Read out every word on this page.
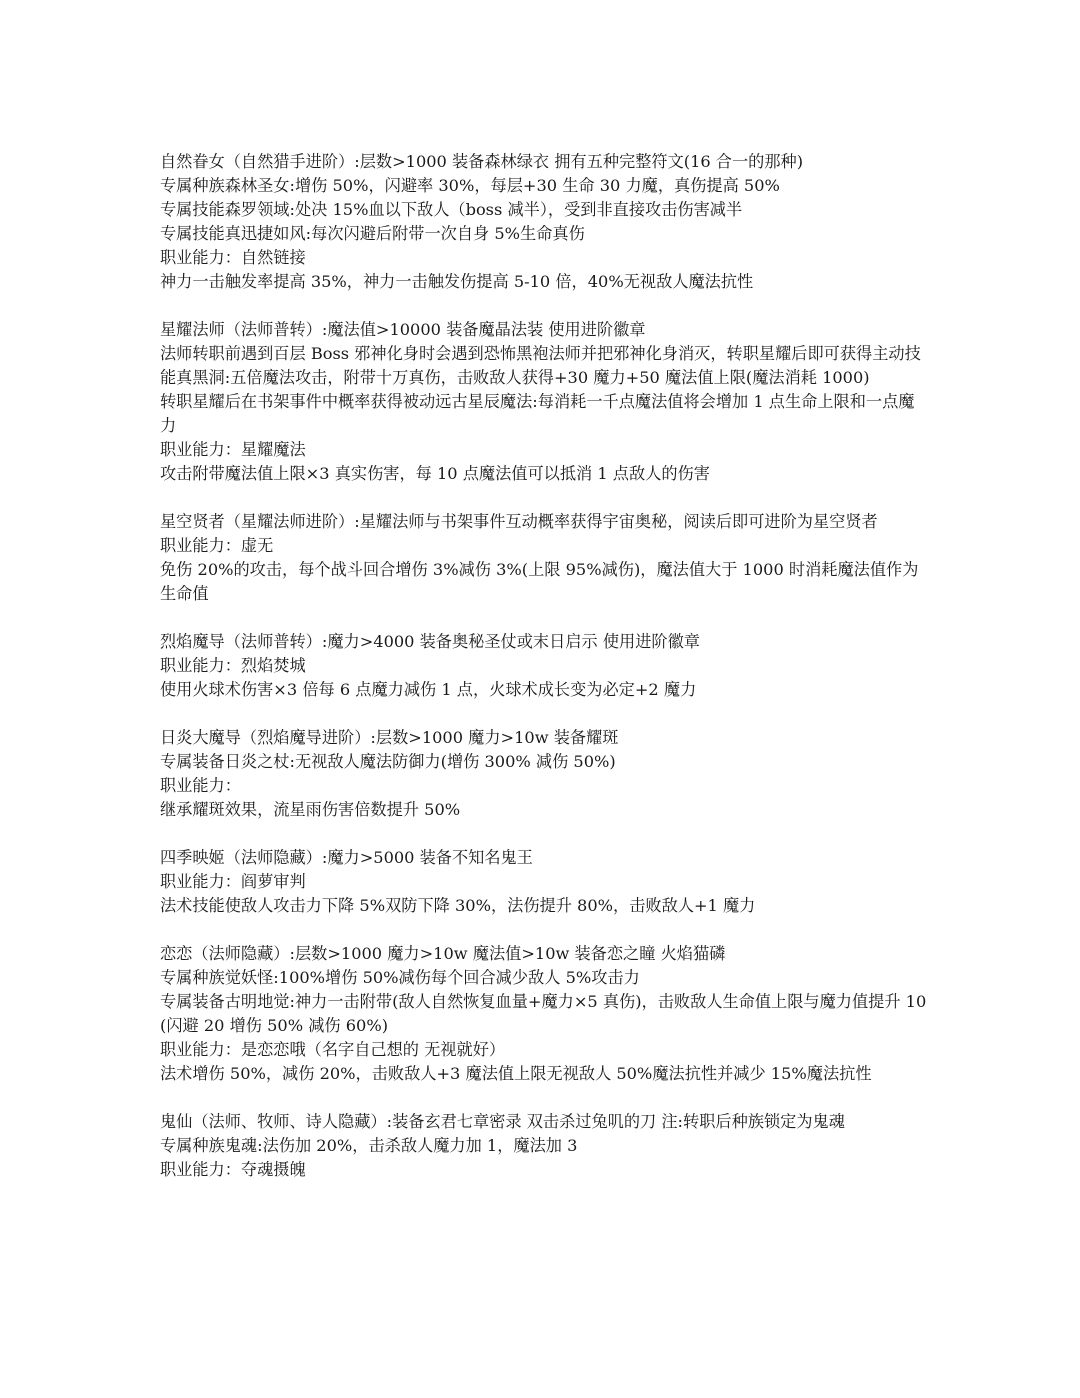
自然眷女（自然猎手进阶）:层数>1000 装备森林绿衣 拥有五种完整符文(16 合一的那种)
专属种族森林圣女:增伤 50%，闪避率 30%，每层+30 生命 30 力魔，真伤提高 50%
专属技能森罗领域:处决 15%血以下敌人（boss 减半），受到非直接攻击伤害减半
专属技能真迅捷如风:每次闪避后附带一次自身 5%生命真伤
职业能力：自然链接
神力一击触发率提高 35%，神力一击触发伤提高 5-10 倍，40%无视敌人魔法抗性
星耀法师（法师普转）:魔法值>10000 装备魔晶法装 使用进阶徽章
法师转职前遇到百层 Boss 邪神化身时会遇到恐怖黑袍法师并把邪神化身消灭，转职星耀后即可获得主动技能真黑洞:五倍魔法攻击，附带十万真伤，击败敌人获得+30 魔力+50 魔法值上限(魔法消耗 1000)
转职星耀后在书架事件中概率获得被动远古星辰魔法:每消耗一千点魔法值将会增加 1 点生命上限和一点魔力
职业能力：星耀魔法
攻击附带魔法值上限×3 真实伤害，每 10 点魔法值可以抵消 1 点敌人的伤害
星空贤者（星耀法师进阶）:星耀法师与书架事件互动概率获得宇宙奥秘，阅读后即可进阶为星空贤者
职业能力：虚无
免伤 20%的攻击，每个战斗回合增伤 3%减伤 3%(上限 95%减伤)，魔法值大于 1000 时消耗魔法值作为生命值
烈焰魔导（法师普转）:魔力>4000 装备奥秘圣仗或末日启示 使用进阶徽章
职业能力：烈焰焚城
使用火球术伤害×3 倍每 6 点魔力减伤 1 点，火球术成长变为必定+2 魔力
日炎大魔导（烈焰魔导进阶）:层数>1000 魔力>10w 装备耀斑
专属装备日炎之杖:无视敌人魔法防御力(增伤 300% 减伤 50%)
职业能力：
继承耀斑效果，流星雨伤害倍数提升 50%
四季映姬（法师隐藏）:魔力>5000 装备不知名鬼王
职业能力：阎萝审判
法术技能使敌人攻击力下降 5%双防下降 30%，法伤提升 80%，击败敌人+1 魔力
恋恋（法师隐藏）:层数>1000 魔力>10w 魔法值>10w 装备恋之瞳 火焰猫磷
专属种族觉妖怪:100%增伤 50%减伤每个回合减少敌人 5%攻击力
专属装备古明地觉:神力一击附带(敌人自然恢复血量+魔力×5 真伤)，击败敌人生命值上限与魔力值提升 10(闪避 20 增伤 50% 减伤 60%)
职业能力：是恋恋哦（名字自己想的 无视就好）
法术增伤 50%，减伤 20%，击败敌人+3 魔法值上限无视敌人 50%魔法抗性并减少 15%魔法抗性
鬼仙（法师、牧师、诗人隐藏）:装备玄君七章密录 双击杀过兔叽的刀 注:转职后种族锁定为鬼魂
专属种族鬼魂:法伤加 20%，击杀敌人魔力加 1，魔法加 3
职业能力：夺魂摄魄
